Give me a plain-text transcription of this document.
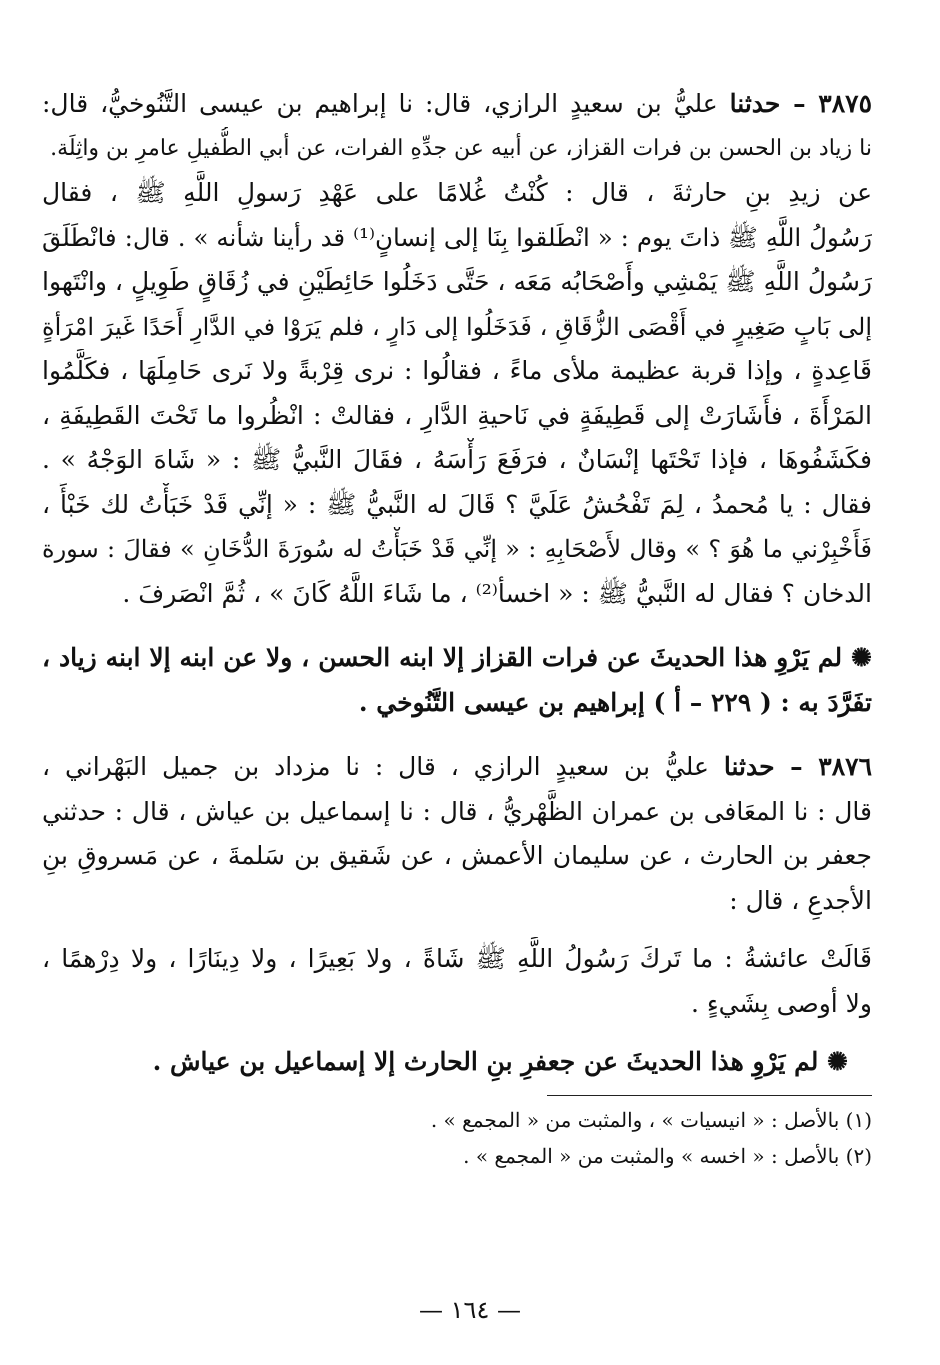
٣٨٧٥ – حدثنا عليُّ بن سعيدٍ الرازي، قال: نا إبراهيم بن عيسى التَّنُوخيُّ، قال:
نا زياد بن الحسن بن فرات القزاز، عن أبيه عن جدِّهِ الفرات، عن أبي الطُّفيلِ عامرِ بن واثِلَة.
عن زيدِ بنِ حارثةَ ، قال : كُنْتُ غُلامًا على عَهْدِ رَسولِ اللَّهِ ﷺ ، فقال
رَسُولُ اللَّهِ ﷺ ذاتَ يوم : « انْطَلقوا بِنَا إلى إنسانٍ⁽¹⁾ قد رأينا شأنه » . قال: فانْطَلَقَ
رَسُولُ اللَّهِ ﷺ يَمْشِي وأَصْحَابُه مَعَه ، حَتَّى دَخَلُوا حَائِطَيْنِ في زُقَاقٍ طَوِيلٍ ، وانْتَهوا
إلى بَابٍ صَغِيرٍ في أَقْصَى الزُّقَاقِ ، فَدَخَلُوا إلى دَارٍ ، فلم يَرَوْا في الدَّارِ أَحَدًا غَيرَ امْرَأةٍ
قَاعِدةٍ ، وإذا قربة عظيمة ملأى ماءً ، فقالُوا : نرى قِرْبةً ولا نَرى حَامِلَهَا ، فكَلَّمُوا
المَرْأَةَ ، فأَشَارَتْ إلى قَطِيفَةٍ في نَاحيةِ الدَّارِ ، فقالتْ : انْظُروا ما تَحْتَ القَطِيفَةِ ،
فكَشَفُوهَا ، فإذا تَحْتَها إنْسَانٌ ، فرَفَعَ رَأْسَهُ ، فقَالَ النَّبيُّ ﷺ : « شَاهَ الوَجْهُ » .
فقال : يا مُحمدُ ، لِمَ تَفْحُشُ عَلَيَّ ؟ قَالَ له النَّبيُّ ﷺ : « إنِّي قَدْ خَبَأْتُ لك خَبْأً ،
فَأَخْبِرْني ما هُوَ ؟ » وقال لأَصْحَابِهِ : « إنِّي قَدْ خَبَأْتُ له سُورَةَ الدُّخَانِ » فقالَ : سورة
الدخان ؟ فقال له النَّبيُّ ﷺ : « اخسأ⁽²⁾ ، ما شَاءَ اللَّهُ كَانَ » ، ثُمَّ انْصَرفَ .
✺ لم يَرْوِ هذا الحديثَ عن فرات القزاز إلا ابنه الحسن ، ولا عن ابنه إلا ابنه زياد ،
تفَرَّدَ به : ( ٢٢٩ – أ ) إبراهيم بن عيسى التَّنُوخي .
٣٨٧٦ – حدثنا عليُّ بن سعيدٍ الرازي ، قال : نا مزداد بن جميل البَهْراني ،
قال : نا المعَافى بن عمران الظَّهْريُّ ، قال : نا إسماعيل بن عياش ، قال : حدثني
جعفر بن الحارث ، عن سليمان الأعمش ، عن شَقيق بن سَلمةَ ، عن مَسروقِ بنِ
الأجدعِ ، قال :
قَالَتْ عائشةُ : ما تَركَ رَسُولُ اللَّهِ ﷺ شَاةً ، ولا بَعِيرًا ، ولا دِينَارًا ، ولا دِرْهمًا ،
ولا أوصى بِشَيءٍ .
✺ لم يَرْوِ هذا الحديثَ عن جعفرِ بنِ الحارث إلا إسماعيل بن عياش .
(١) بالأصل : « انيسيات » ، والمثبت من « المجمع » .
(٢) بالأصل : « اخسه » والمثبت من « المجمع » .
— ١٦٤ —
